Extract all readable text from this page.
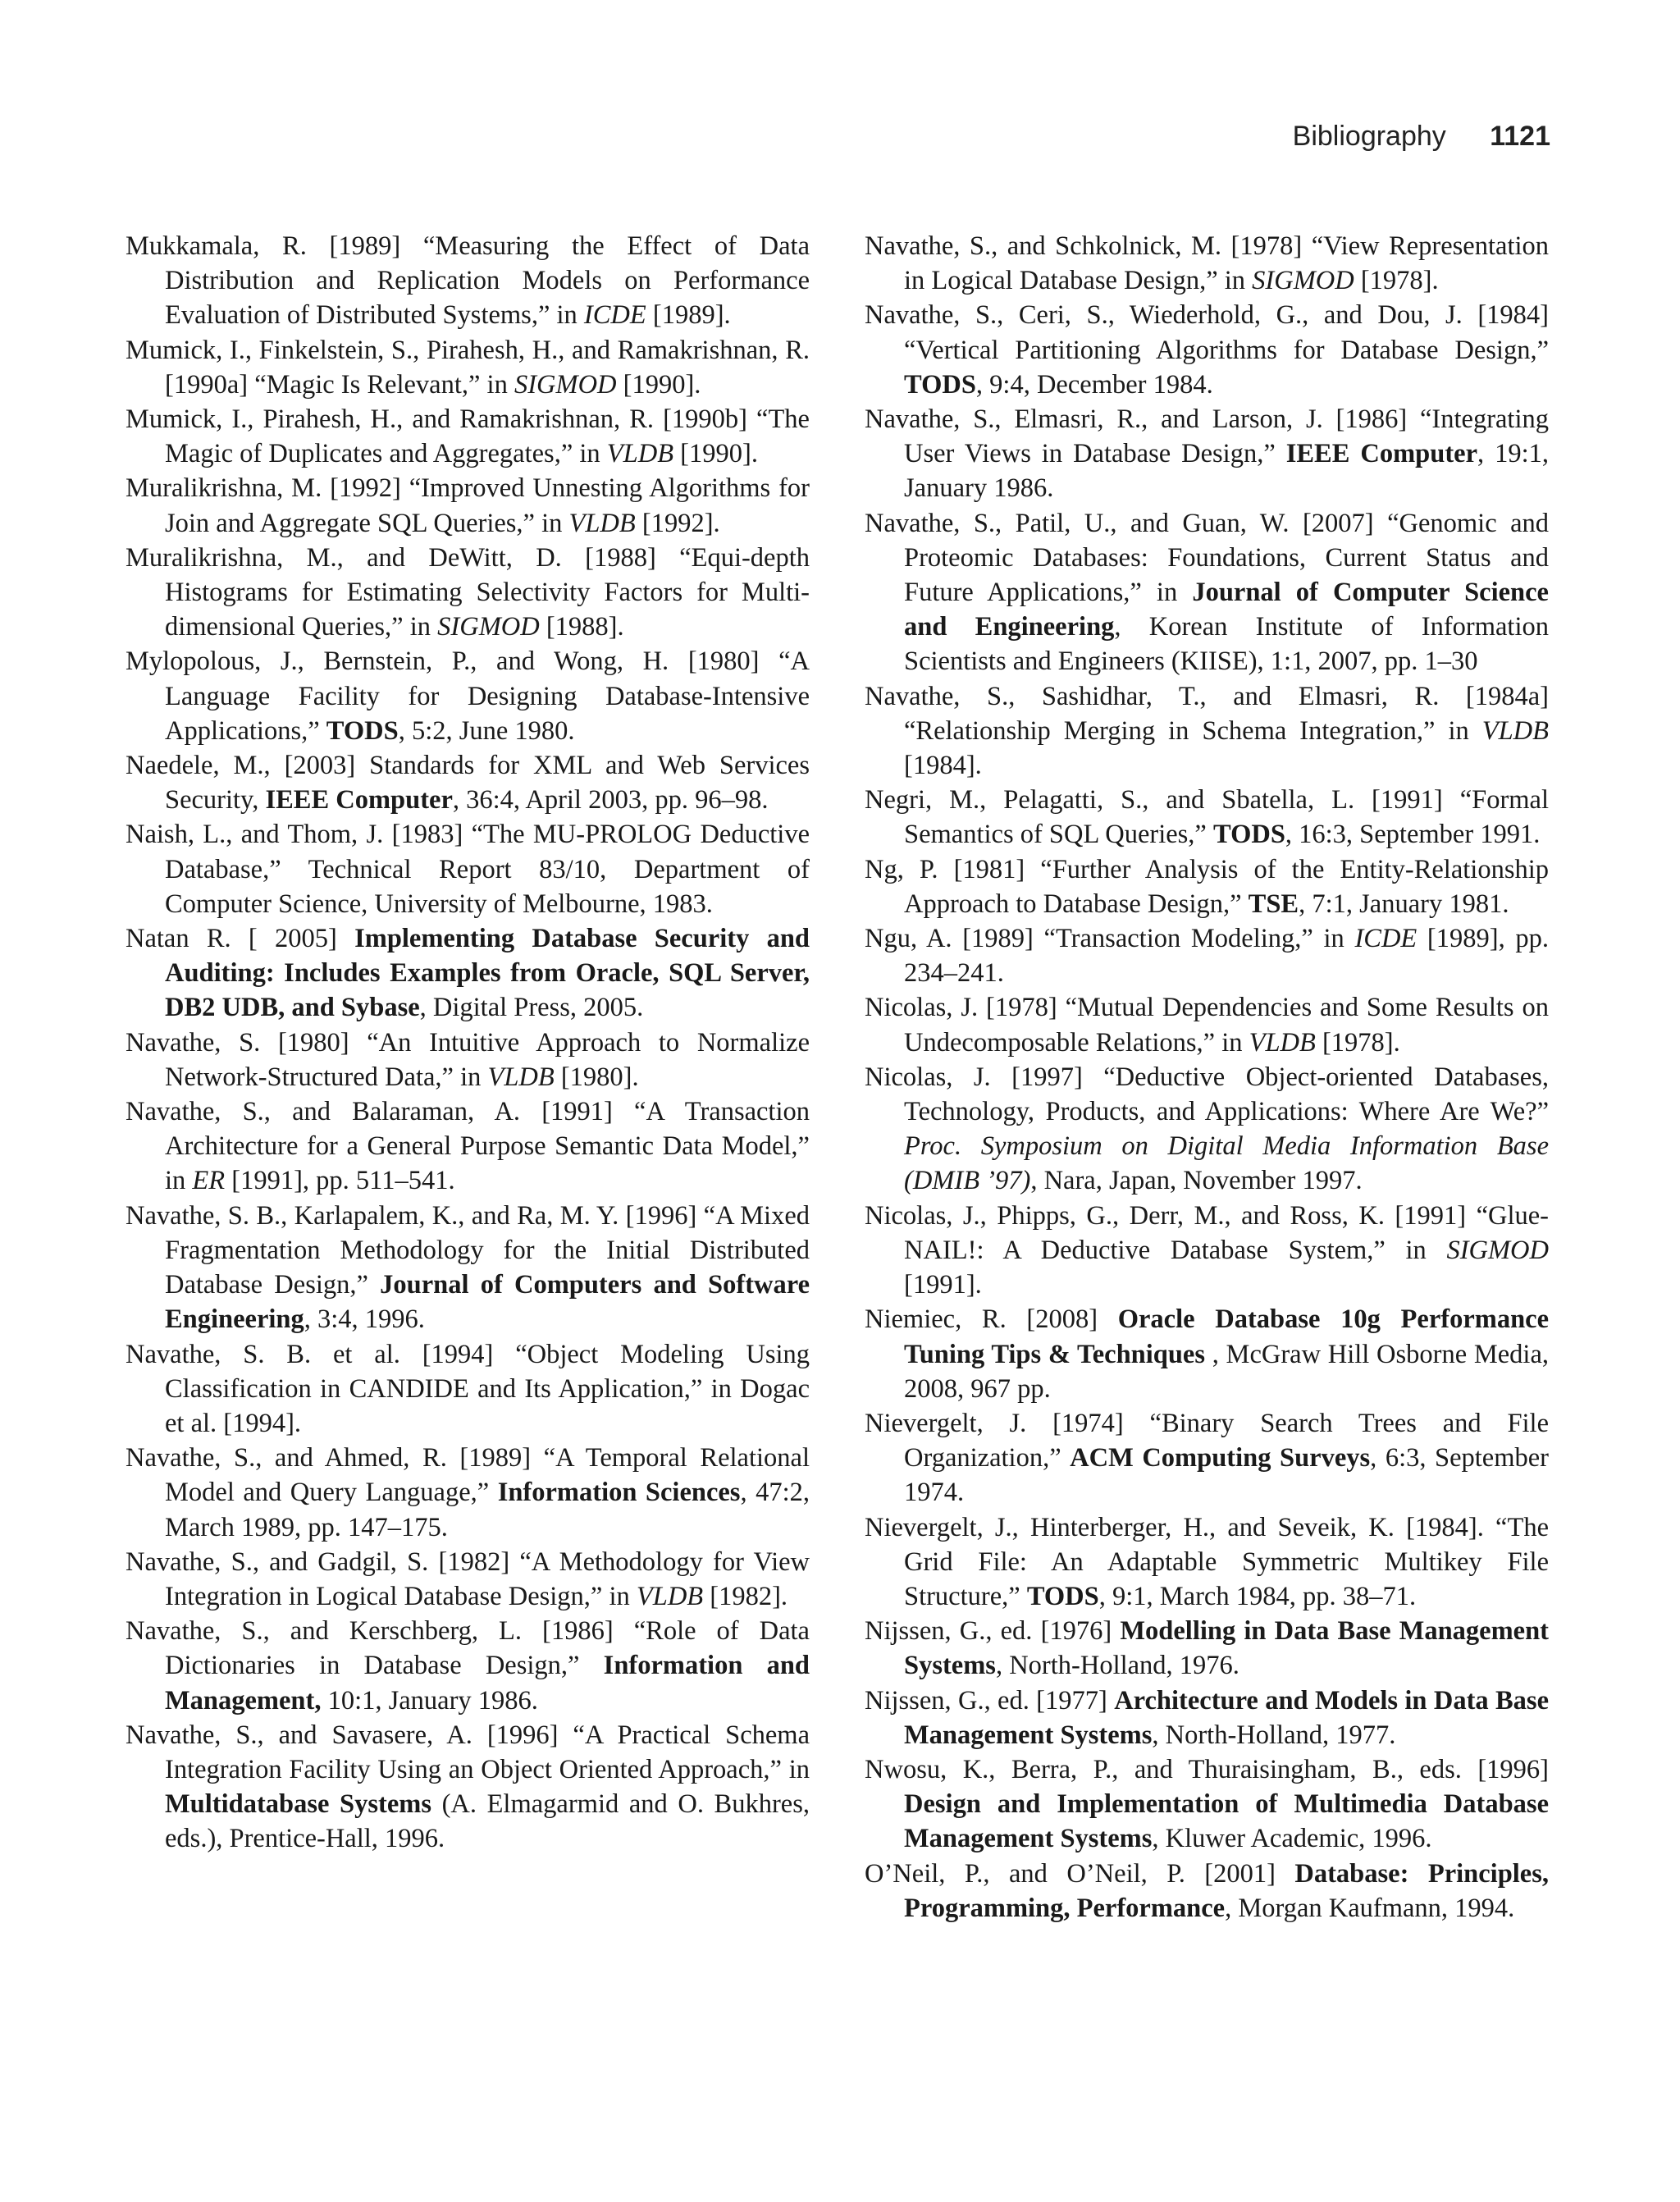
Bibliography 1121

Mukkamala, R. [1989] “Measuring the Effect of Data Distribution and Replication Models on Performance Evaluation of Distributed Systems,” in ICDE [1989].

Mumick, I., Finkelstein, S., Pirahesh, H., and Ramakrishnan, R. [1990a] “Magic Is Relevant,” in SIGMOD [1990].

Mumick, I., Pirahesh, H., and Ramakrishnan, R. [1990b] “The Magic of Duplicates and Aggregates,” in VLDB [1990].

Muralikrishna, M. [1992] “Improved Unnesting Algorithms for Join and Aggregate SQL Queries,” in VLDB [1992].

Muralikrishna, M., and DeWitt, D. [1988] “Equi-depth Histograms for Estimating Selectivity Factors for Multi-dimensional Queries,” in SIGMOD [1988].

Mylopolous, J., Bernstein, P., and Wong, H. [1980] “A Language Facility for Designing Database-Intensive Applications,” TODS, 5:2, June 1980.

Naedele, M., [2003] Standards for XML and Web Services Security, IEEE Computer, 36:4, April 2003, pp. 96–98.

Naish, L., and Thom, J. [1983] “The MU-PROLOG Deductive Database,” Technical Report 83/10, Department of Computer Science, University of Melbourne, 1983.

Natan R. [ 2005] Implementing Database Security and Auditing: Includes Examples from Oracle, SQL Server, DB2 UDB, and Sybase, Digital Press, 2005.

Navathe, S. [1980] “An Intuitive Approach to Normalize Network-Structured Data,” in VLDB [1980].

Navathe, S., and Balaraman, A. [1991] “A Transaction Architecture for a General Purpose Semantic Data Model,” in ER [1991], pp. 511–541.

Navathe, S. B., Karlapalem, K., and Ra, M. Y. [1996] “A Mixed Fragmentation Methodology for the Initial Distributed Database Design,” Journal of Computers and Software Engineering, 3:4, 1996.

Navathe, S. B. et al. [1994] “Object Modeling Using Classification in CANDIDE and Its Application,” in Dogac et al. [1994].

Navathe, S., and Ahmed, R. [1989] “A Temporal Relational Model and Query Language,” Information Sciences, 47:2, March 1989, pp. 147–175.

Navathe, S., and Gadgil, S. [1982] “A Methodology for View Integration in Logical Database Design,” in VLDB [1982].

Navathe, S., and Kerschberg, L. [1986] “Role of Data Dictionaries in Database Design,” Information and Management, 10:1, January 1986.

Navathe, S., and Savasere, A. [1996] “A Practical Schema Integration Facility Using an Object Oriented Approach,” in Multidatabase Systems (A. Elmagarmid and O. Bukhres, eds.), Prentice-Hall, 1996.

Navathe, S., and Schkolnick, M. [1978] “View Representation in Logical Database Design,” in SIGMOD [1978].

Navathe, S., Ceri, S., Wiederhold, G., and Dou, J. [1984] “Vertical Partitioning Algorithms for Database Design,” TODS, 9:4, December 1984.

Navathe, S., Elmasri, R., and Larson, J. [1986] “Integrating User Views in Database Design,” IEEE Computer, 19:1, January 1986.

Navathe, S., Patil, U., and Guan, W. [2007] “Genomic and Proteomic Databases: Foundations, Current Status and Future Applications,” in Journal of Computer Science and Engineering, Korean Institute of Information Scientists and Engineers (KIISE), 1:1, 2007, pp. 1–30

Navathe, S., Sashidhar, T., and Elmasri, R. [1984a] “Relationship Merging in Schema Integration,” in VLDB [1984].

Negri, M., Pelagatti, S., and Sbatella, L. [1991] “Formal Semantics of SQL Queries,” TODS, 16:3, September 1991.

Ng, P. [1981] “Further Analysis of the Entity-Relationship Approach to Database Design,” TSE, 7:1, January 1981.

Ngu, A. [1989] “Transaction Modeling,” in ICDE [1989], pp. 234–241.

Nicolas, J. [1978] “Mutual Dependencies and Some Results on Undecomposable Relations,” in VLDB [1978].

Nicolas, J. [1997] “Deductive Object-oriented Databases, Technology, Products, and Applications: Where Are We?” Proc. Symposium on Digital Media Information Base (DMIB ’97), Nara, Japan, November 1997.

Nicolas, J., Phipps, G., Derr, M., and Ross, K. [1991] “Glue-NAIL!: A Deductive Database System,” in SIGMOD [1991].

Niemiec, R. [2008] Oracle Database 10g Performance Tuning Tips & Techniques , McGraw Hill Osborne Media, 2008, 967 pp.

Nievergelt, J. [1974] “Binary Search Trees and File Organization,” ACM Computing Surveys, 6:3, September 1974.

Nievergelt, J., Hinterberger, H., and Seveik, K. [1984]. “The Grid File: An Adaptable Symmetric Multikey File Structure,” TODS, 9:1, March 1984, pp. 38–71.

Nijssen, G., ed. [1976] Modelling in Data Base Management Systems, North-Holland, 1976.

Nijssen, G., ed. [1977] Architecture and Models in Data Base Management Systems, North-Holland, 1977.

Nwosu, K., Berra, P., and Thuraisingham, B., eds. [1996] Design and Implementation of Multimedia Database Management Systems, Kluwer Academic, 1996.

O’Neil, P., and O’Neil, P. [2001] Database: Principles, Programming, Performance, Morgan Kaufmann, 1994.
